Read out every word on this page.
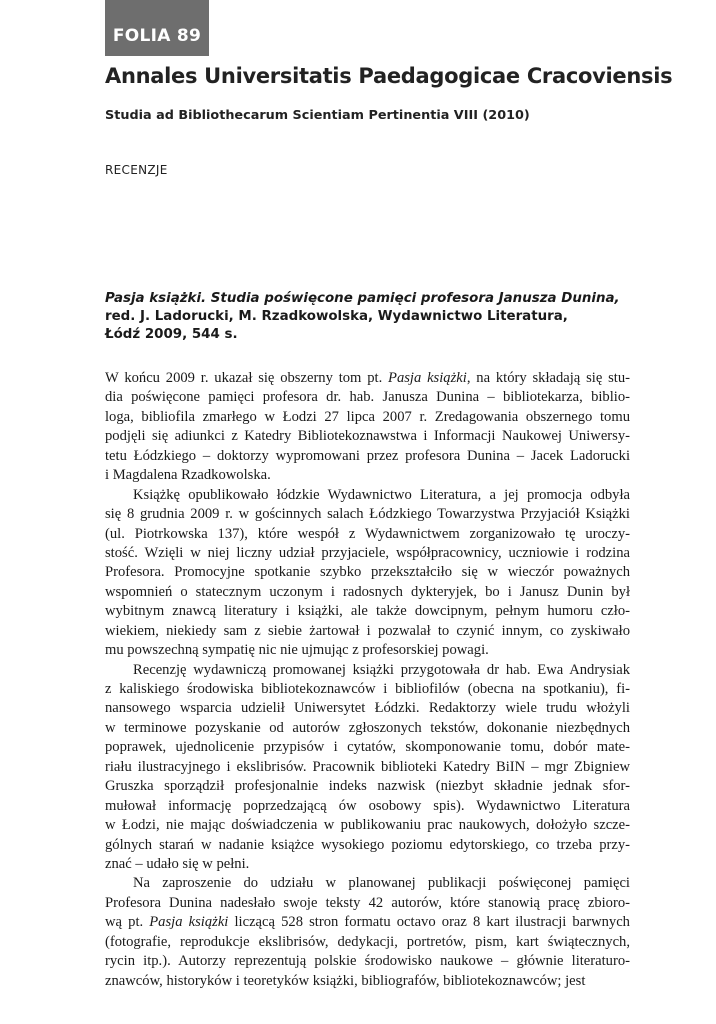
FOLIA 89
Annales Universitatis Paedagogicae Cracoviensis
Studia ad Bibliothecarum Scientiam Pertinentia VIII (2010)
RECENZJE
Pasja książki. Studia poświęcone pamięci profesora Janusza Dunina,
red. J. Ladorucki, M. Rzadkowolska, Wydawnictwo Literatura,
Łódź 2009, 544 s.
W końcu 2009 r. ukazał się obszerny tom pt. Pasja książki, na który składają się stu-
dia poświęcone pamięci profesora dr. hab. Janusza Dunina – bibliotekarza, biblio-
loga, bibliofila zmarłego w Łodzi 27 lipca 2007 r. Zredagowania obszernego tomu
podjęli się adiunkci z Katedry Bibliotekoznawstwa i Informacji Naukowej Uniwersy-
tetu Łódzkiego – doktorzy wypromowani przez profesora Dunina – Jacek Ladorucki
i Magdalena Rzadkowolska.
Książkę opublikowało łódzkie Wydawnictwo Literatura, a jej promocja odbyła
się 8 grudnia 2009 r. w gościnnych salach Łódzkiego Towarzystwa Przyjaciół Książki
(ul. Piotrkowska 137), które wespół z Wydawnictwem zorganizowało tę uroczy-
stość. Wzięli w niej liczny udział przyjaciele, współpracownicy, uczniowie i rodzina
Profesora. Promocyjne spotkanie szybko przekształciło się w wieczór poważnych
wspomnień o statecznym uczonym i radosnych dykteryjek, bo i Janusz Dunin był
wybitnym znawcą literatury i książki, ale także dowcipnym, pełnym humoru czło-
wiekiem, niekiedy sam z siebie żartował i pozwalał to czynić innym, co zyskiwało
mu powszechną sympatię nic nie ujmując z profesorskiej powagi.
Recenzję wydawniczą promowanej książki przygotowała dr hab. Ewa Andrysiak
z kaliskiego środowiska bibliotekoznawców i bibliofilów (obecna na spotkaniu), fi-
nansowego wsparcia udzielił Uniwersytet Łódzki. Redaktorzy wiele trudu włożyli
w terminowe pozyskanie od autorów zgłoszonych tekstów, dokonanie niezbędnych
poprawek, ujednolicenie przypisów i cytatów, skomponowanie tomu, dobór mate-
riału ilustracyjnego i ekslibrisów. Pracownik biblioteki Katedry BiIN – mgr Zbigniew
Gruszka sporządził profesjonalnie indeks nazwisk (niezbyt składnie jednak sfor-
mułował informację poprzedzającą ów osobowy spis). Wydawnictwo Literatura
w Łodzi, nie mając doświadczenia w publikowaniu prac naukowych, dołożyło szcze-
gólnych starań w nadanie książce wysokiego poziomu edytorskiego, co trzeba przy-
znać – udało się w pełni.
Na zaproszenie do udziału w planowanej publikacji poświęconej pamięci
Profesora Dunina nadesłało swoje teksty 42 autorów, które stanowią pracę zbioro-
wą pt. Pasja książki liczącą 528 stron formatu octavo oraz 8 kart ilustracji barwnych
(fotografie, reprodukcje ekslibrisów, dedykacji, portretów, pism, kart świątecznych,
rycin itp.). Autorzy reprezentują polskie środowisko naukowe – głównie literaturo-
znawców, historyków i teoretyków książki, bibliografów, bibliotekoznawców; jest
